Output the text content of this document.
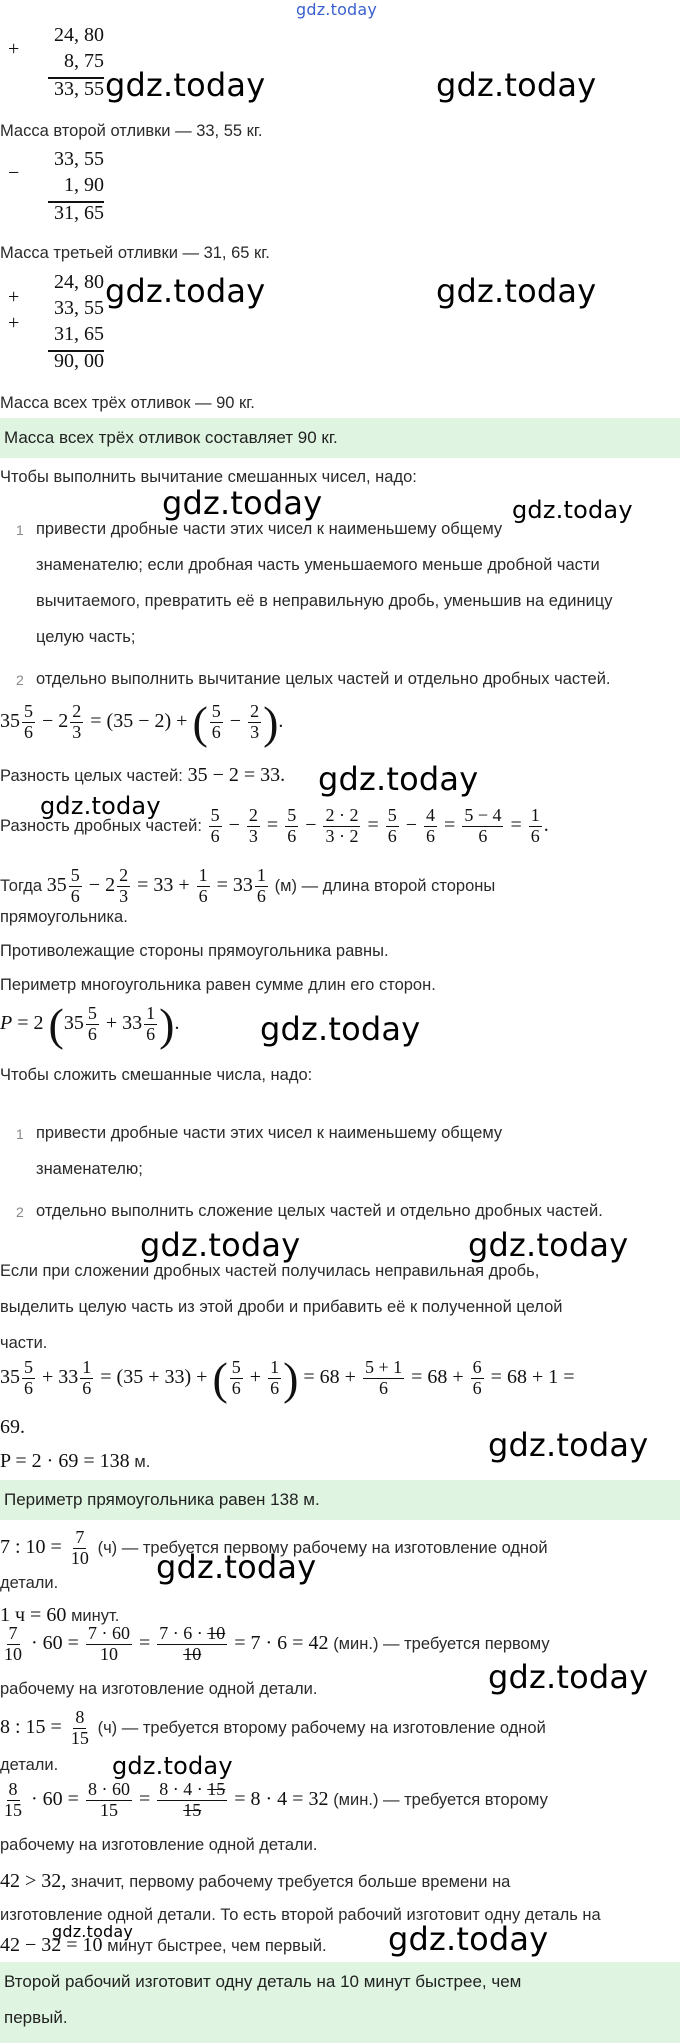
gdz.today
+
24, 80
8, 75
33, 55 gdz.today	gdz.today
Масса второй отливки — 33, 55 кг.
−
33, 55
1, 90
31, 65
Масса третьей отливки — 31, 65 кг.
+
+
24, 80
33, 55
31, 65
90, 00
gdz.today	gdz.today
Масса всех трёх отливок — 90 кг.
Масса всех трёх отливок составляет 90 кг.
Чтобы выполнить вычитание смешанных чисел, надо:
gdz.today	gdz.today
1 привести дробные части этих чисел к наименьшему общему
знаменателю; если дробная часть уменьшаемого меньше дробной части
вычитаемого, превратить её в неправильную дробь, уменьшив на единицу
целую часть;
2 отдельно выполнить вычитание целых частей и отдельно дробных частей.
$35 \frac{5}{6} - 2 \frac{2}{3} = (35 - 2)$ + ( $\frac{5}{6} - \frac{2}{3}$ ).
Разность целых частей: 35 − 2 = 33. gdz.today
gdz.today
Разность дробных частей: $\frac{5}{6} - \frac{2}{3} = \frac{5}{6} - \frac{2 \cdot 2}{3 \cdot 2} = \frac{5}{6} - \frac{4}{6} = \frac{5 - 4}{6} = \frac{1}{6}$ .
Тогда $35 \frac{5}{6} - 2 \frac{2}{3} = 33 + \frac{1}{6} = 33 \frac{1}{6} (м)$ — длина второй стороны
прямоугольника.
Противолежащие стороны прямоугольника равны.
Периметр многоугольника равен сумме длин его сторон.
P = 2 ($35 \frac{5}{6} + 33 \frac{1}{6}$ ).	gdz.today
Чтобы сложить смешанные числа, надо:
1 привести дробные части этих чисел к наименьшему общему
знаменателю;
2 отдельно выполнить сложение целых частей и отдельно дробных частей.
gdz.today	gdz.today
Если при сложении дробных частей получилась неправильная дробь,
выделить целую часть из этой дроби и прибавить её к полученной целой
части.
$35 \frac{5}{6} + 33 \frac{1}{6} = (35 + 33)$ + ( $\frac{5}{6} + \frac{1}{6}$ ) = $68 + \frac{5 + 1}{6} = 68 + \frac{6}{6} = 68 + 1$ =
69.
P = 2 · 69 = 138 м.	gdz.today
Периметр прямоугольника равен 138 м.
7 : $10 = \frac{7}{10} (ч)$ — требуется первому рабочему на изготовление одной
детали.	gdz.today
1 ч = 60 минут.
$\frac{7}{10} \cdot 60 = \frac{7 \cdot 60}{10} = \frac{7 \cdot 6 \cdot 10}{10} = 7 \cdot 6 = 42$ (мин.) — требуется первому
рабочему на изготовление одной детали.	gdz.today
8 : $15 = \frac{8}{15} (ч)$ — требуется второму рабочему на изготовление одной
детали. gdz.today
$\frac{8}{15} \cdot 60 = \frac{8 \cdot 60}{15} = \frac{8 \cdot 4 \cdot 15}{15} = 8 \cdot 4 = 32$ (мин.) — требуется второму
рабочему на изготовление одной детали.
42 > 32, значит, первому рабочему требуется больше времени на
изготовление одной детали. То есть второй рабочий изготовит одну деталь на
gdz.today
42 − 32 = 10 минут быстрее, чем первый. gdz.today
Второй рабочий изготовит одну деталь на 10 минут быстрее, чем
первый.
